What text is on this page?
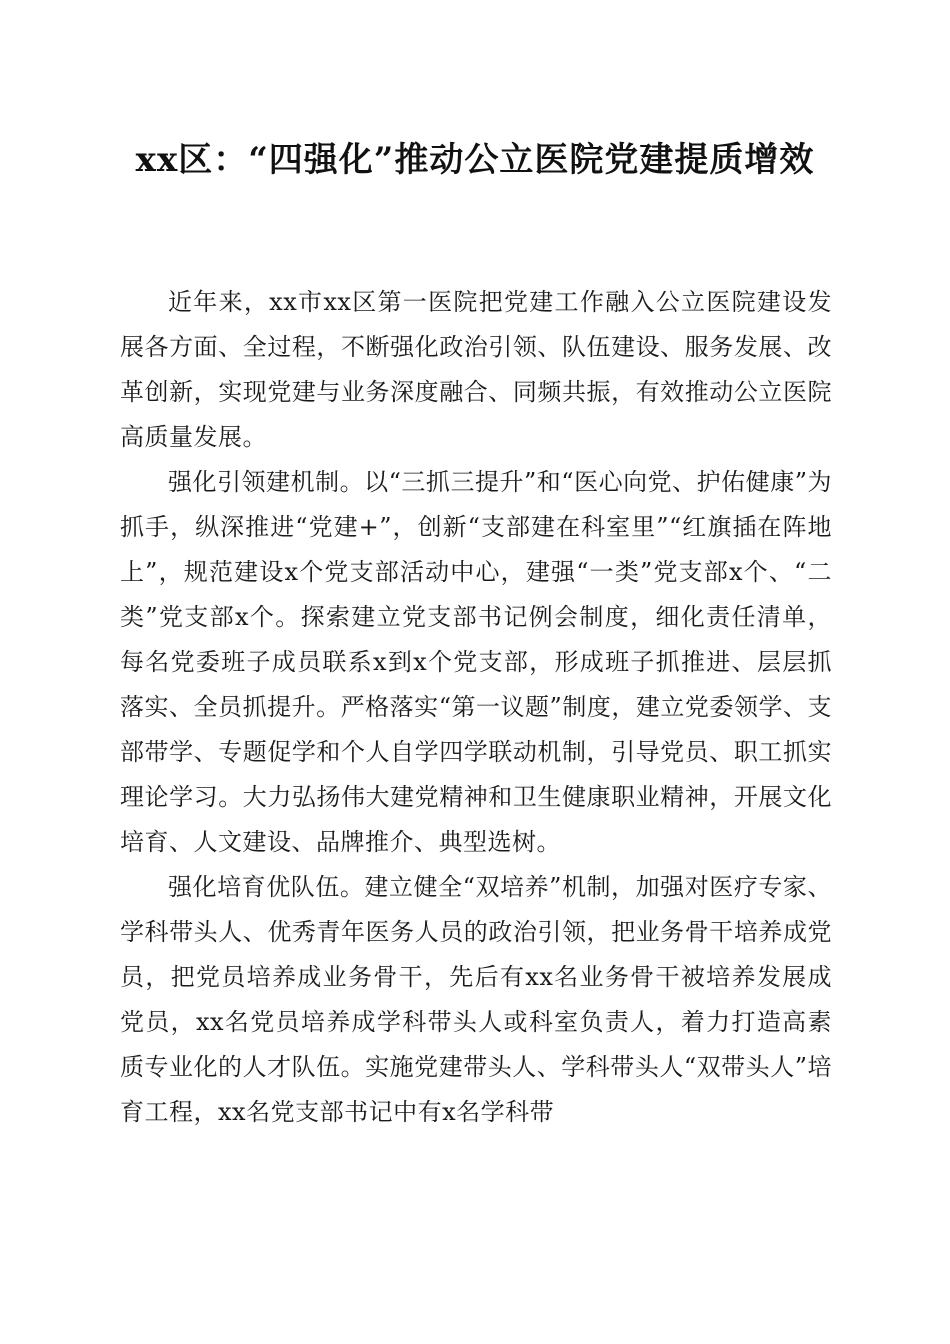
xx区：“四强化”推动公立医院党建提质增效

近年来，xx市xx区第一医院把党建工作融入公立医院建设发展各方面、全过程，不断强化政治引领、队伍建设、服务发展、改革创新，实现党建与业务深度融合、同频共振，有效推动公立医院高质量发展。

强化引领建机制。以“三抓三提升”和“医心向党、护佑健康”为抓手，纵深推进“党建+”，创新“支部建在科室里”“红旗插在阵地上”，规范建设x个党支部活动中心，建强“一类”党支部x个、“二类”党支部x个。探索建立党支部书记例会制度，细化责任清单，每名党委班子成员联系x到x个党支部，形成班子抓推进、层层抓落实、全员抓提升。严格落实“第一议题”制度，建立党委领学、支部带学、专题促学和个人自学四学联动机制，引导党员、职工抓实理论学习。大力弘扬伟大建党精神和卫生健康职业精神，开展文化培育、人文建设、品牌推介、典型选树。

强化培育优队伍。建立健全“双培养”机制，加强对医疗专家、学科带头人、优秀青年医务人员的政治引领，把业务骨干培养成党员，把党员培养成业务骨干，先后有xx名业务骨干被培养发展成党员，xx名党员培养成学科带头人或科室负责人，着力打造高素质专业化的人才队伍。实施党建带头人、学科带头人“双带头人”培育工程，xx名党支部书记中有x名学科带
